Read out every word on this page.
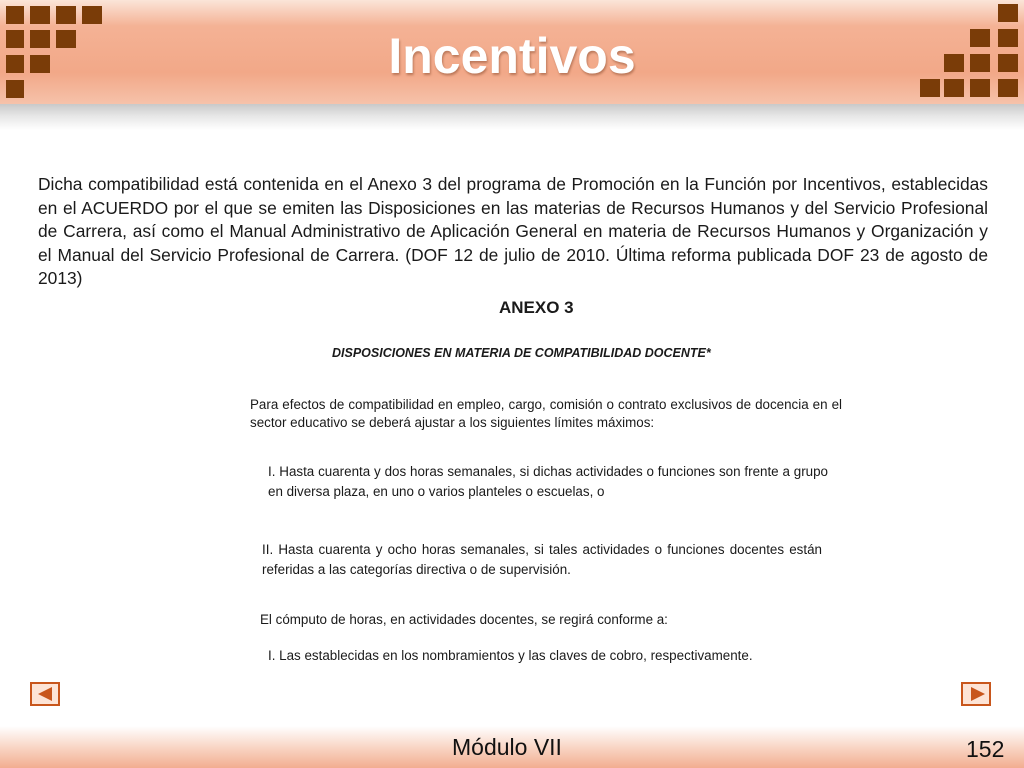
Incentivos
Dicha compatibilidad está contenida en el Anexo 3 del programa de Promoción en la Función por Incentivos, establecidas en el ACUERDO por el que se emiten las Disposiciones en las materias de Recursos Humanos y del Servicio Profesional de Carrera, así como el Manual Administrativo de Aplicación General en materia de Recursos Humanos y Organización y el Manual del Servicio Profesional de Carrera. (DOF 12 de julio de 2010. Última reforma publicada DOF 23 de agosto de 2013)
ANEXO 3
DISPOSICIONES EN MATERIA DE COMPATIBILIDAD DOCENTE*
Para efectos de compatibilidad en empleo, cargo, comisión o contrato exclusivos de docencia en el sector educativo se deberá ajustar a los siguientes límites máximos:
I. Hasta cuarenta y dos horas semanales, si dichas actividades o funciones son frente a grupo en diversa plaza, en uno o varios planteles o escuelas, o
II. Hasta cuarenta y ocho horas semanales, si tales actividades o funciones docentes están referidas a las categorías directiva o de supervisión.
El cómputo de horas, en actividades docentes, se regirá conforme a:
I. Las establecidas en los nombramientos y las claves de cobro, respectivamente.
Módulo VII	152
